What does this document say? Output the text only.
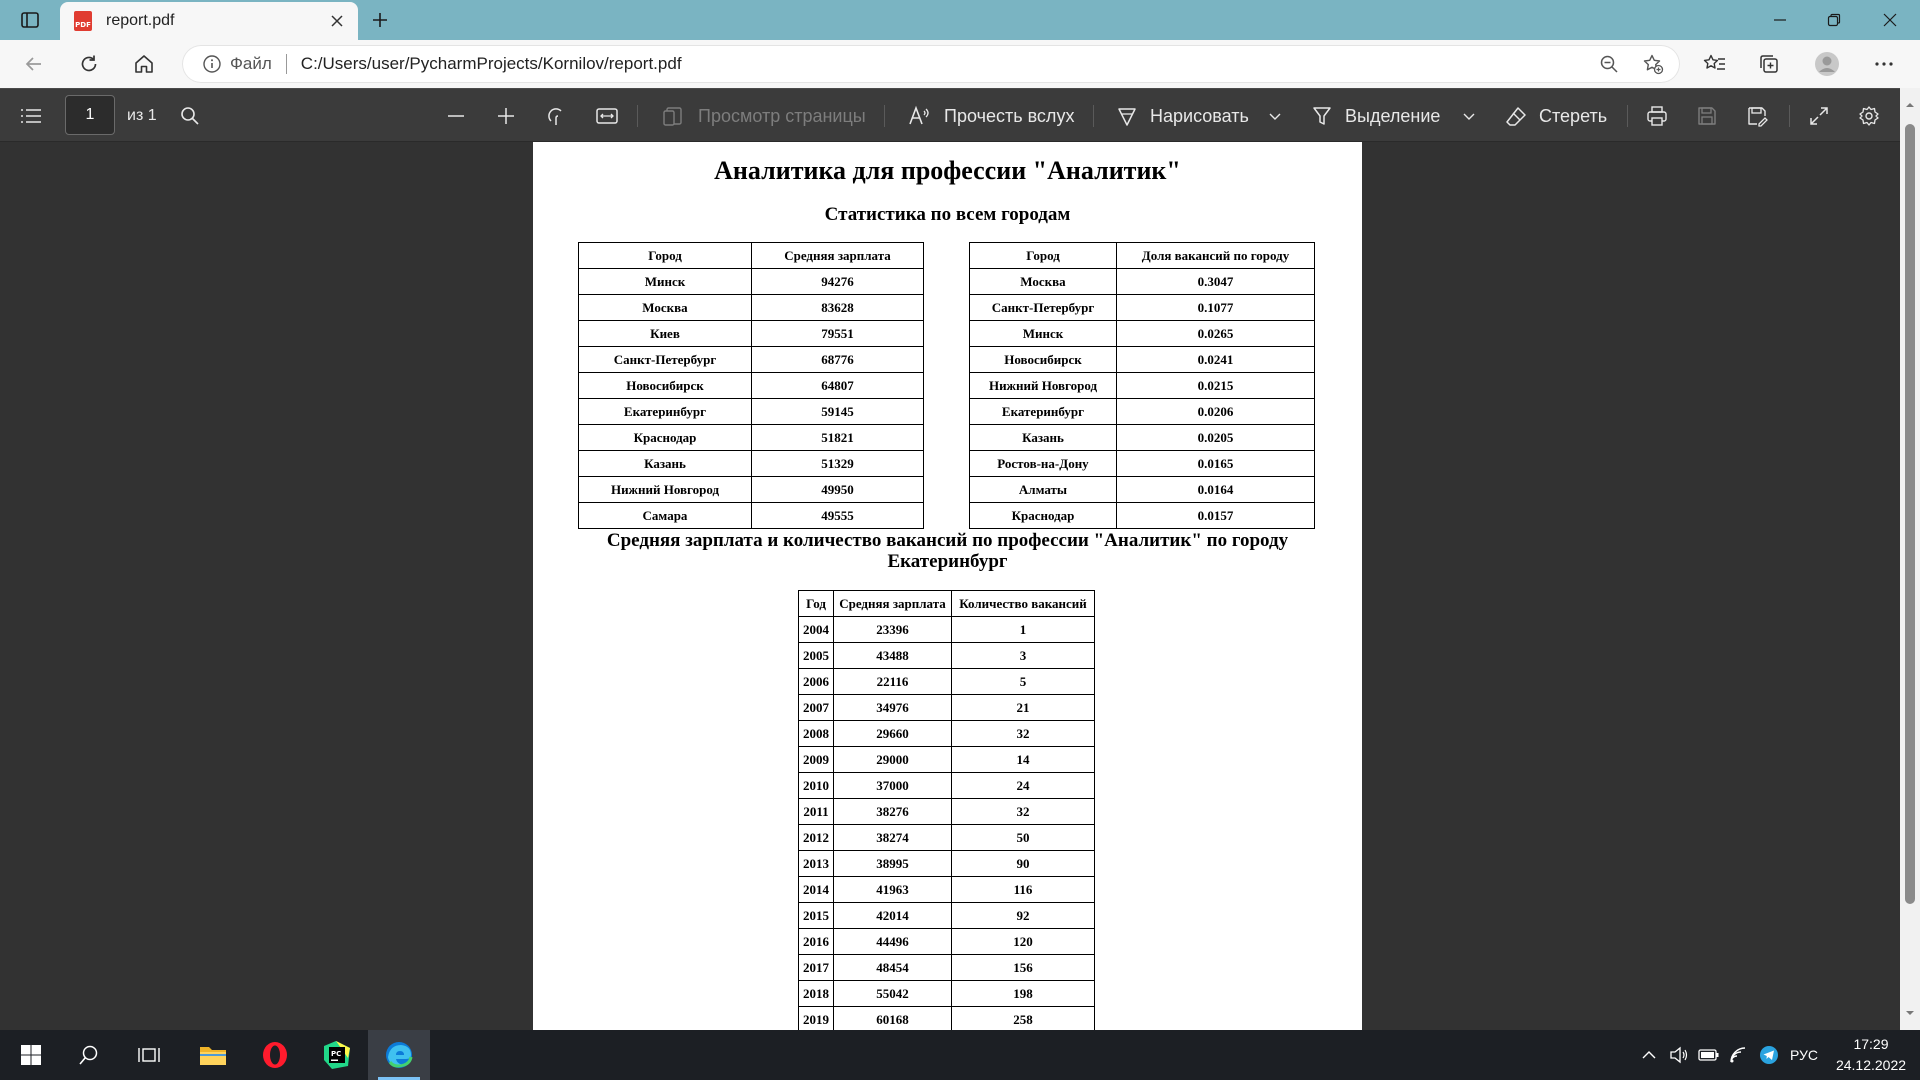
PDF report.pdf
Файл C:/Users/user/PycharmProjects/Kornilov/report.pdf
1
из 1	Просмотр страницы	Прочесть вслух	Нарисовать	Выделение	Стереть
Аналитика для профессии "Аналитик"
Статистика по всем городам
Город	Средняя зарплата
Минск	94276
Москва	83628
Киев	79551
Санкт-Петербург	68776
Новосибирск	64807
Екатеринбург	59145
Краснодар	51821
Казань	51329
Нижний Новгород	49950
Самара	49555
Город	Доля вакансий по городу
Москва	0.3047
Санкт-Петербург	0.1077
Минск	0.0265
Новосибирск	0.0241
Нижний Новгород	0.0215
Екатеринбург	0.0206
Казань	0.0205
Ростов-на-Дону	0.0165
Алматы	0.0164
Краснодар	0.0157
Средняя зарплата и количество вакансий по профессии "Аналитик" по городу Екатеринбург
Год	Средняя зарплата	Количество вакансий
2004	23396	1
2005	43488	3
2006	22116	5
2007	34976	21
2008	29660	32
2009	29000	14
2010	37000	24
2011	38276	32
2012	38274	50
2013	38995	90
2014	41963	116
2015	42014	92
2016	44496	120
2017	48454	156
2018	55042	198
2019	60168	258
PC	РУС
17:29
24.12.2022
